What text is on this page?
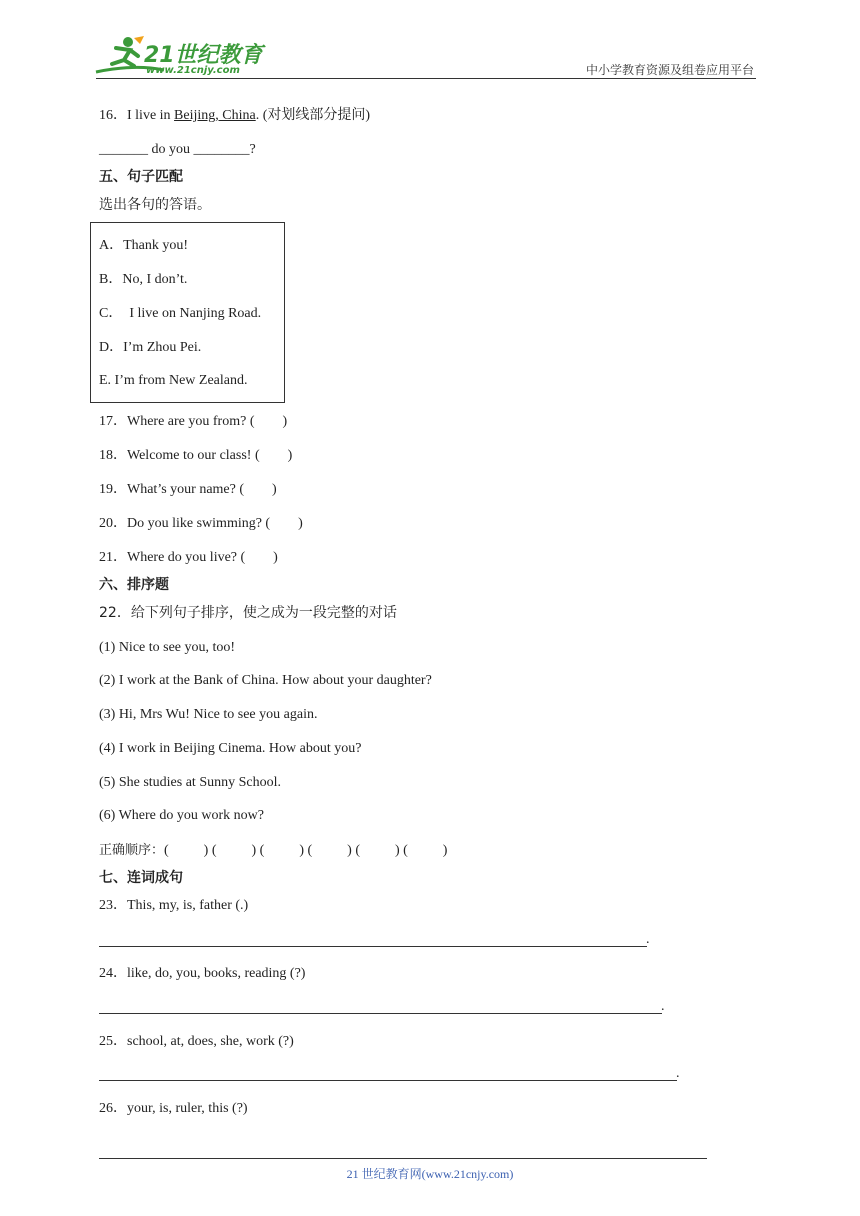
21世纪教育
www.21cnjy.com	中小学教育资源及组卷应用平台
16．I live in Beijing, China. (对划线部分提问)
_______ do you ________?
五、句子匹配
选出各句的答语。
A．Thank you!
B．No, I don’t.
C．  I live on Nanjing Road.
D．I’m Zhou Pei.
E. I’m from New Zealand.
17．Where are you from? (        )
18．Welcome to our class! (        )
19．What’s your name? (        )
20．Do you like swimming? (        )
21．Where do you live? (        )
六、排序题
22．给下列句子排序，使之成为一段完整的对话
(1) Nice to see you, too!
(2) I work at the Bank of China. How about your daughter?
(3) Hi, Mrs Wu! Nice to see you again.
(4) I work in Beijing Cinema. How about you?
(5) She studies at Sunny School.
(6) Where do you work now?
正确顺序：(          ) (          ) (          ) (          ) (          ) (          )
七、连词成句
23．This, my, is, father (.)
.
24．like, do, you, books, reading (?)
.
25．school, at, does, she, work (?)
.
26．your, is, ruler, this (?)
21 世纪教育网(www.21cnjy.com)
